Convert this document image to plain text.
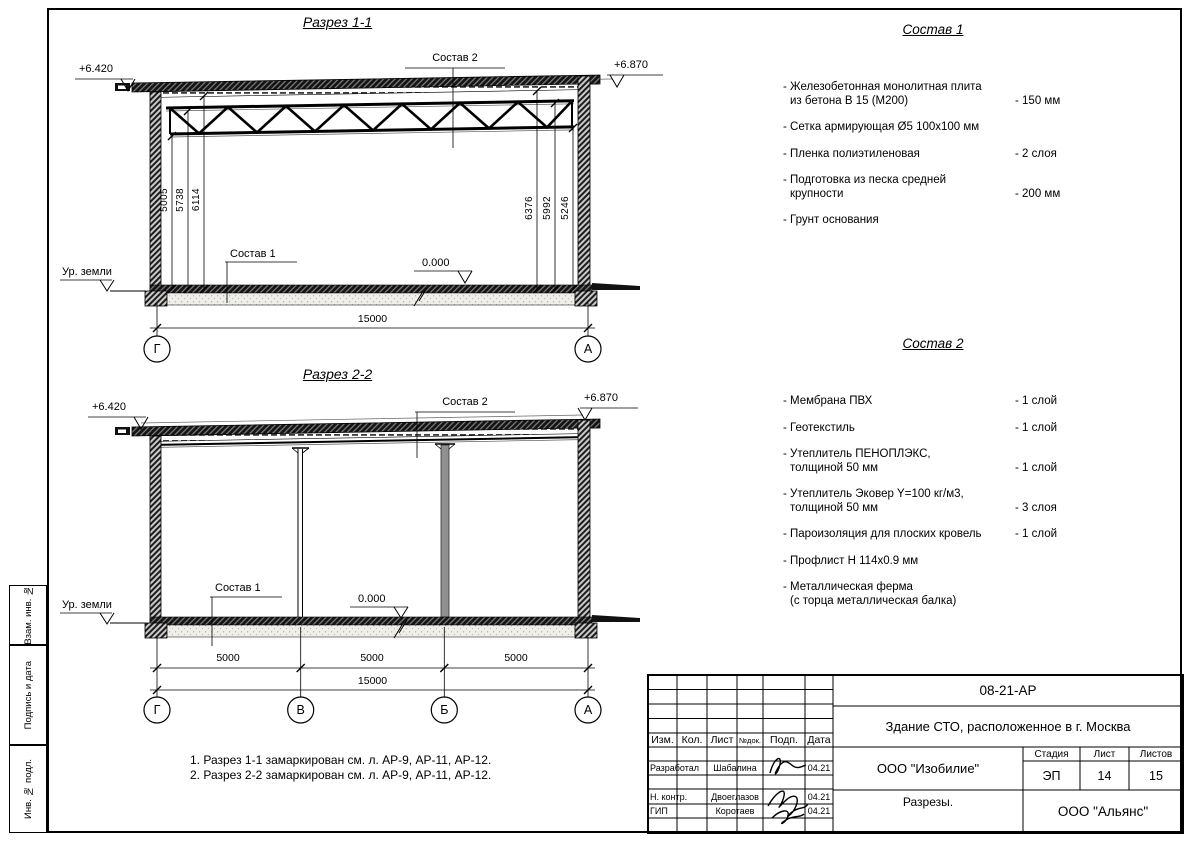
Разрез 1-1
Состав 2
+6.420	+6.870
5005 5738 6114	6376 5992 5246
Состав 1
0.000
Ур. земли
15000
Г	А
Разрез 2-2
Состав 2
+6.420
+6.870
Состав 1
0.000
Ур. земли
5000	5000	5000
15000
Г	В	Б	А
Состав 1
- Железобетонная монолитная плита
из бетона В 15 (М200)	- 150 мм
- Сетка армирующая Ø5 100x100 мм
- Пленка полиэтиленовая	- 2 слоя
- Подготовка из песка средней
крупности	- 200 мм
- Грунт основания
Состав 2
- Мембрана ПВХ	- 1 слой
- Геотекстиль	- 1 слой
- Утеплитель ПЕНОПЛЭКС,
толщиной 50 мм	- 1 слой
- Утеплитель Эковер Y=100 кг/м3,
толщиной 50 мм	- 3 слоя
- Пароизоляция для плоских кровель	- 1 слой
- Профлист Н 114x0.9 мм
- Металлическая ферма
(с торца металлическая балка)
1. Разрез 1-1 замаркирован см. л. АР-9, АР-11, АР-12.
2. Разрез 2-2 замаркирован см. л. АР-9, АР-11, АР-12.
Взам. инв. №
Подпись и дата
Инв. № подл.
08-21-АР
Здание СТО, расположенное в г. Москва
ООО "Изобилие"
Разрезы.
ООО "Альянс"
Стадия	Лист	Листов
ЭП	14	15
Изм. Кол. Лист №док. Подп. Дата
Разработал	Шабалина	04.21
Н. контр.	Двоеглазов	04.21
ГИП	Коротаев	04.21
